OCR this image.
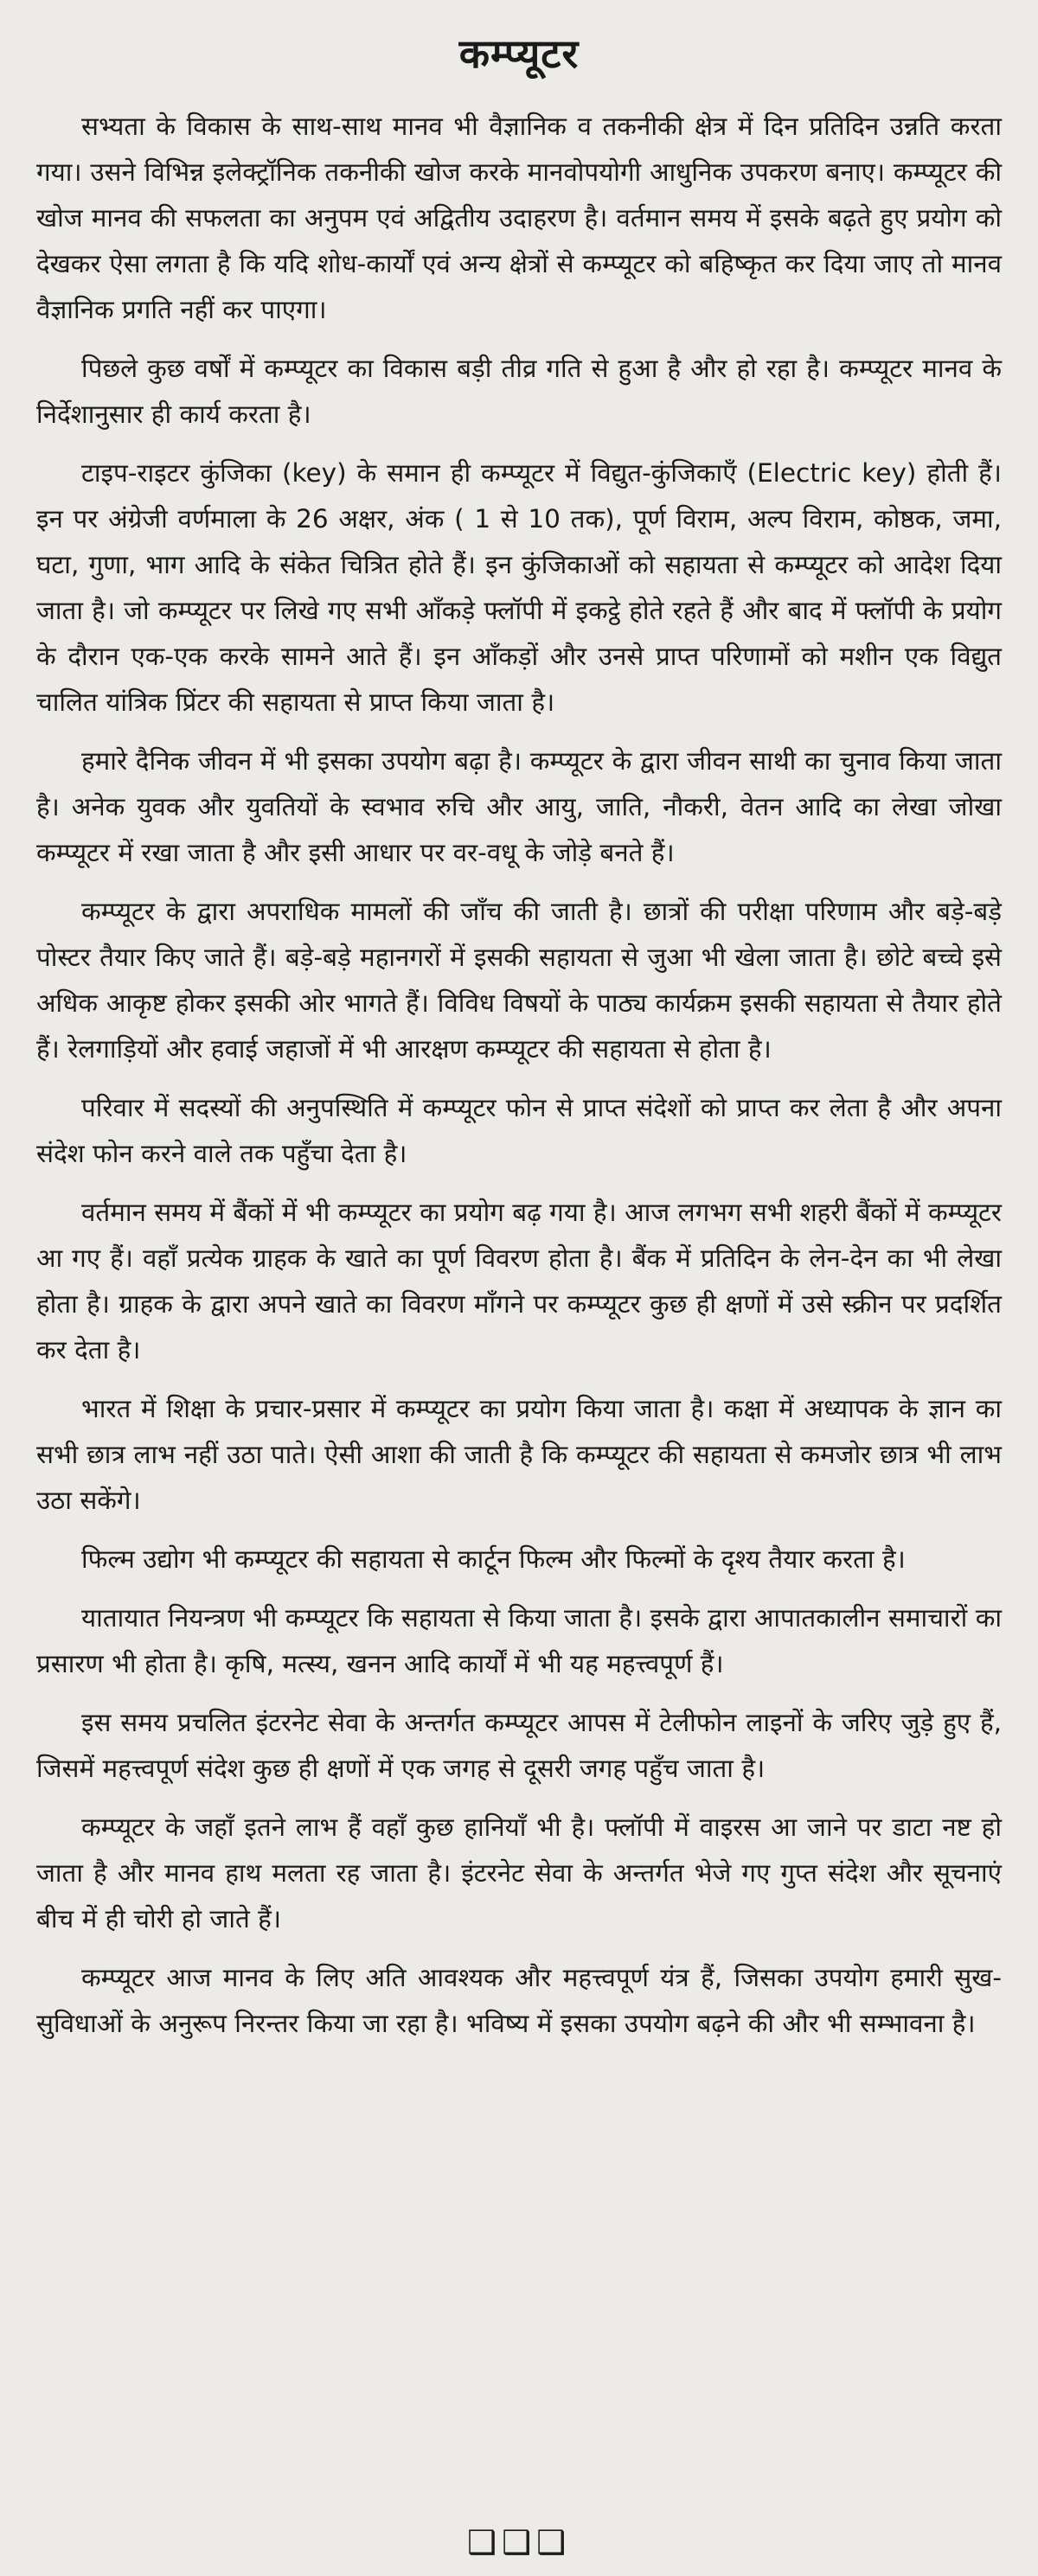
कम्प्यूटर

सभ्यता के विकास के साथ-साथ मानव भी वैज्ञानिक व तकनीकी क्षेत्र में दिन प्रतिदिन उन्नति करता गया। उसने विभिन्न इलेक्ट्रॉनिक तकनीकी खोज करके मानवोपयोगी आधुनिक उपकरण बनाए। कम्प्यूटर की खोज मानव की सफलता का अनुपम एवं अद्वितीय उदाहरण है। वर्तमान समय में इसके बढ़ते हुए प्रयोग को देखकर ऐसा लगता है कि यदि शोध-कार्यों एवं अन्य क्षेत्रों से कम्प्यूटर को बहिष्कृत कर दिया जाए तो मानव वैज्ञानिक प्रगति नहीं कर पाएगा।

पिछले कुछ वर्षों में कम्प्यूटर का विकास बड़ी तीव्र गति से हुआ है और हो रहा है। कम्प्यूटर मानव के निर्देशानुसार ही कार्य करता है।

टाइप-राइटर कुंजिका (key) के समान ही कम्प्यूटर में विद्युत-कुंजिकाएँ (Electric key) होती हैं। इन पर अंग्रेजी वर्णमाला के 26 अक्षर, अंक ( 1 से 10 तक), पूर्ण विराम, अल्प विराम, कोष्ठक, जमा, घटा, गुणा, भाग आदि के संकेत चित्रित होते हैं। इन कुंजिकाओं को सहायता से कम्प्यूटर को आदेश दिया जाता है। जो कम्प्यूटर पर लिखे गए सभी आँकड़े फ्लॉपी में इकट्ठे होते रहते हैं और बाद में फ्लॉपी के प्रयोग के दौरान एक-एक करके सामने आते हैं। इन आँकड़ों और उनसे प्राप्त परिणामों को मशीन एक विद्युत चालित यांत्रिक प्रिंटर की सहायता से प्राप्त किया जाता है।

हमारे दैनिक जीवन में भी इसका उपयोग बढ़ा है। कम्प्यूटर के द्वारा जीवन साथी का चुनाव किया जाता है। अनेक युवक और युवतियों के स्वभाव रुचि और आयु, जाति, नौकरी, वेतन आदि का लेखा जोखा कम्प्यूटर में रखा जाता है और इसी आधार पर वर-वधू के जोड़े बनते हैं।

कम्प्यूटर के द्वारा अपराधिक मामलों की जाँच की जाती है। छात्रों की परीक्षा परिणाम और बड़े-बड़े पोस्टर तैयार किए जाते हैं। बड़े-बड़े महानगरों में इसकी सहायता से जुआ भी खेला जाता है। छोटे बच्चे इसे अधिक आकृष्ट होकर इसकी ओर भागते हैं। विविध विषयों के पाठ्य कार्यक्रम इसकी सहायता से तैयार होते हैं। रेलगाड़ियों और हवाई जहाजों में भी आरक्षण कम्प्यूटर की सहायता से होता है।

परिवार में सदस्यों की अनुपस्थिति में कम्प्यूटर फोन से प्राप्त संदेशों को प्राप्त कर लेता है और अपना संदेश फोन करने वाले तक पहुँचा देता है।

वर्तमान समय में बैंकों में भी कम्प्यूटर का प्रयोग बढ़ गया है। आज लगभग सभी शहरी बैंकों में कम्प्यूटर आ गए हैं। वहाँ प्रत्येक ग्राहक के खाते का पूर्ण विवरण होता है। बैंक में प्रतिदिन के लेन-देन का भी लेखा होता है। ग्राहक के द्वारा अपने खाते का विवरण माँगने पर कम्प्यूटर कुछ ही क्षणों में उसे स्क्रीन पर प्रदर्शित कर देता है।

भारत में शिक्षा के प्रचार-प्रसार में कम्प्यूटर का प्रयोग किया जाता है। कक्षा में अध्यापक के ज्ञान का सभी छात्र लाभ नहीं उठा पाते। ऐसी आशा की जाती है कि कम्प्यूटर की सहायता से कमजोर छात्र भी लाभ उठा सकेंगे।

फिल्म उद्योग भी कम्प्यूटर की सहायता से कार्टून फिल्म और फिल्मों के दृश्य तैयार करता है।

यातायात नियन्त्रण भी कम्प्यूटर कि सहायता से किया जाता है। इसके द्वारा आपातकालीन समाचारों का प्रसारण भी होता है। कृषि, मत्स्य, खनन आदि कार्यों में भी यह महत्त्वपूर्ण हैं।

इस समय प्रचलित इंटरनेट सेवा के अन्तर्गत कम्प्यूटर आपस में टेलीफोन लाइनों के जरिए जुड़े हुए हैं, जिसमें महत्त्वपूर्ण संदेश कुछ ही क्षणों में एक जगह से दूसरी जगह पहुँच जाता है।

कम्प्यूटर के जहाँ इतने लाभ हैं वहाँ कुछ हानियाँ भी है। फ्लॉपी में वाइरस आ जाने पर डाटा नष्ट हो जाता है और मानव हाथ मलता रह जाता है। इंटरनेट सेवा के अन्तर्गत भेजे गए गुप्त संदेश और सूचनाएं बीच में ही चोरी हो जाते हैं।

कम्प्यूटर आज मानव के लिए अति आवश्यक और महत्त्वपूर्ण यंत्र हैं, जिसका उपयोग हमारी सुख-सुविधाओं के अनुरूप निरन्तर किया जा रहा है। भविष्य में इसका उपयोग बढ़ने की और भी सम्भावना है।

❑❑❑
